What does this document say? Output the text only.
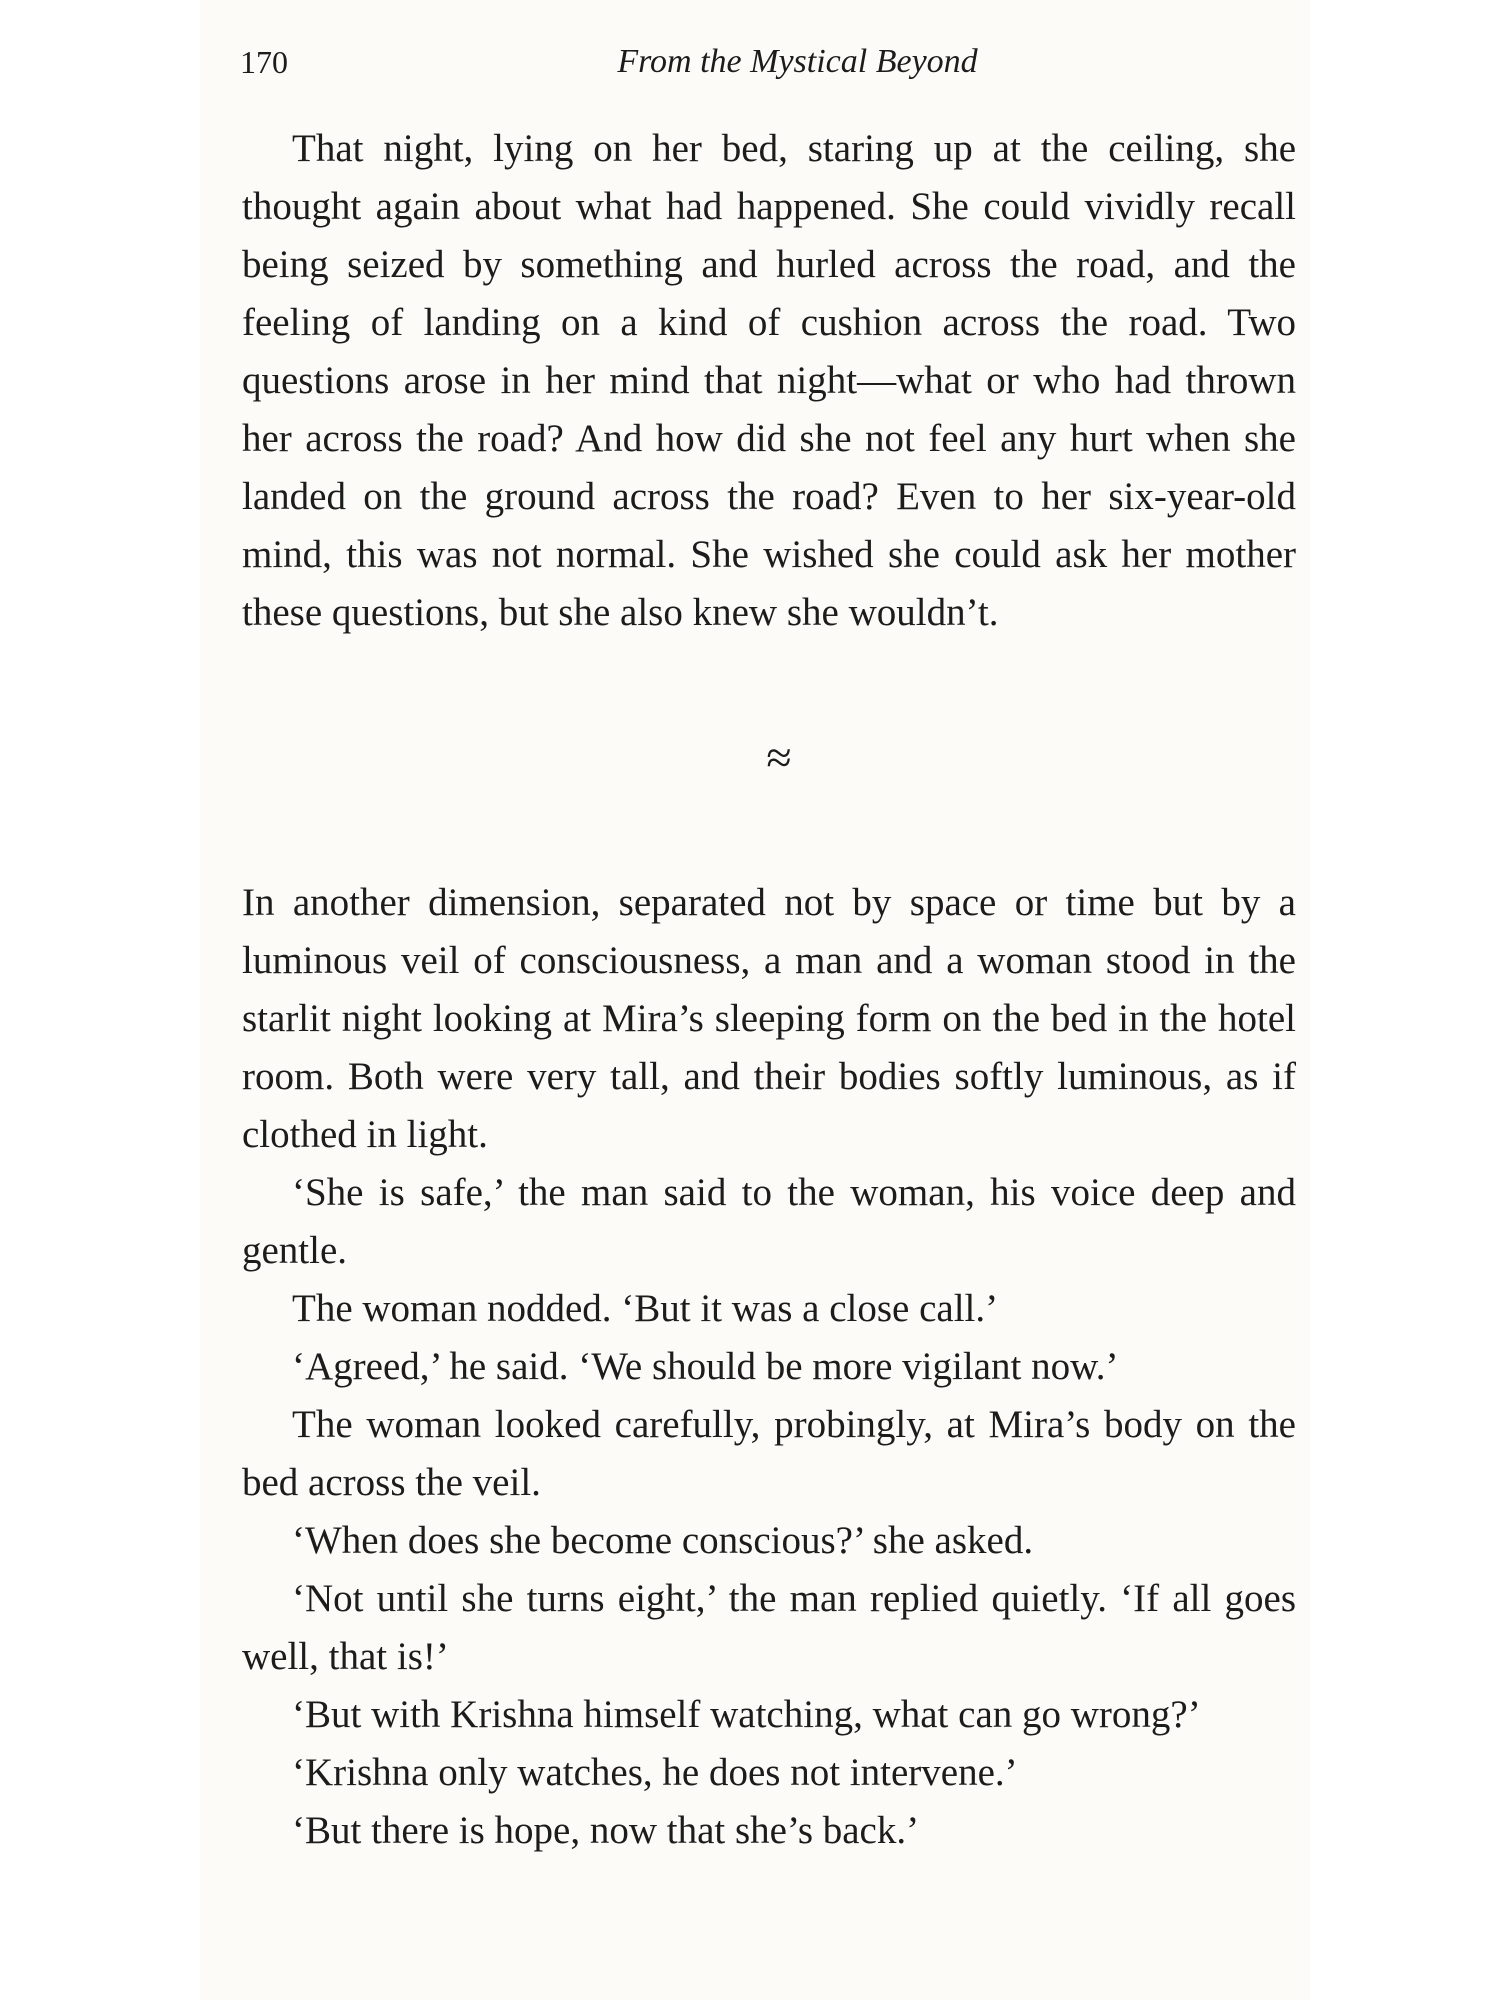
170	From the Mystical Beyond

That night, lying on her bed, staring up at the ceiling, she thought again about what had happened. She could vividly recall being seized by something and hurled across the road, and the feeling of landing on a kind of cushion across the road. Two questions arose in her mind that night—what or who had thrown her across the road? And how did she not feel any hurt when she landed on the ground across the road? Even to her six-year-old mind, this was not normal. She wished she could ask her mother these questions, but she also knew she wouldn’t.

≈

In another dimension, separated not by space or time but by a luminous veil of consciousness, a man and a woman stood in the starlit night looking at Mira’s sleeping form on the bed in the hotel room. Both were very tall, and their bodies softly luminous, as if clothed in light.

‘She is safe,’ the man said to the woman, his voice deep and gentle.

The woman nodded. ‘But it was a close call.’

‘Agreed,’ he said. ‘We should be more vigilant now.’

The woman looked carefully, probingly, at Mira’s body on the bed across the veil.

‘When does she become conscious?’ she asked.

‘Not until she turns eight,’ the man replied quietly. ‘If all goes well, that is!’

‘But with Krishna himself watching, what can go wrong?’

‘Krishna only watches, he does not intervene.’

‘But there is hope, now that she’s back.’
